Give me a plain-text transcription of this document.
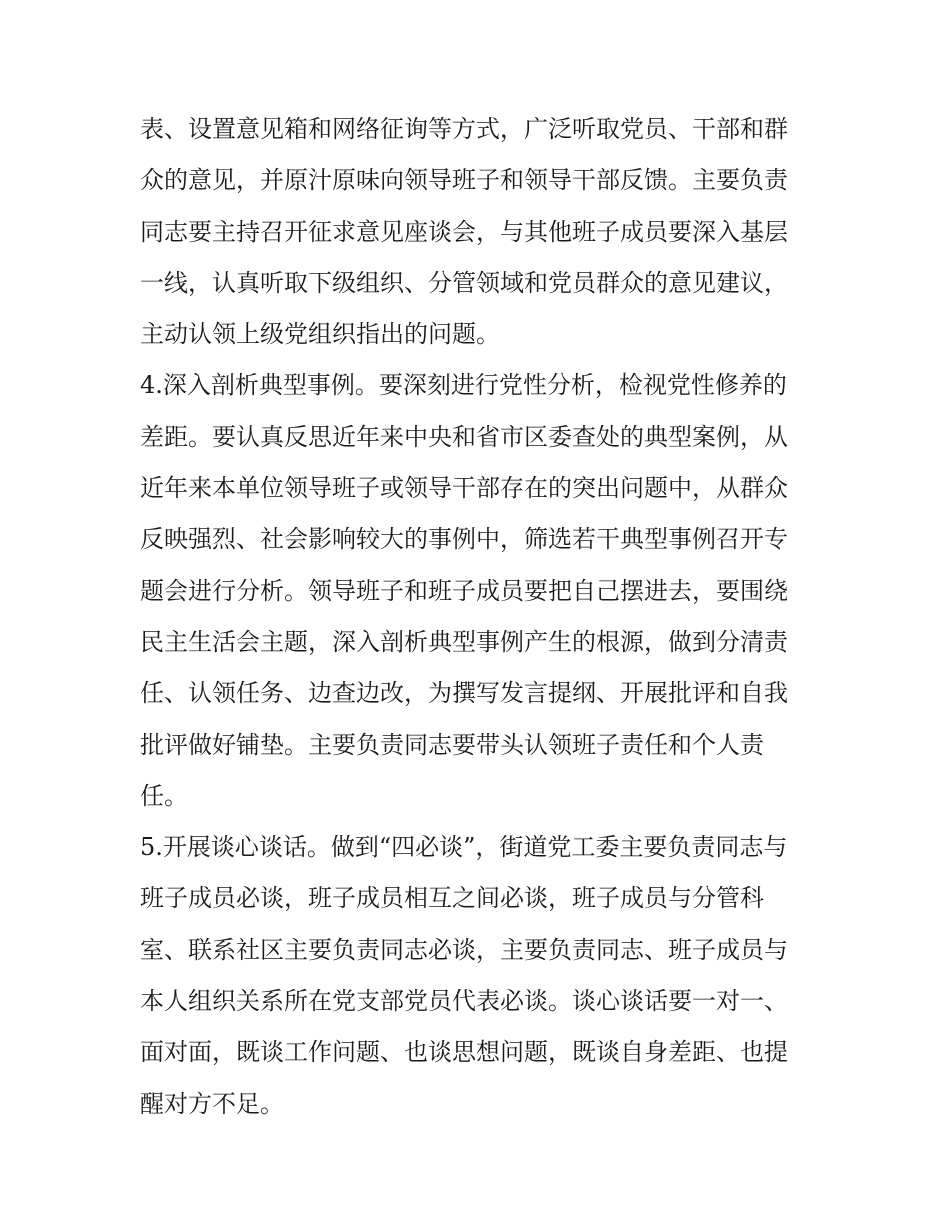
表、设置意见箱和网络征询等方式，广泛听取党员、干部和群
众的意见，并原汁原味向领导班子和领导干部反馈。主要负责
同志要主持召开征求意见座谈会，与其他班子成员要深入基层
一线，认真听取下级组织、分管领域和党员群众的意见建议，
主动认领上级党组织指出的问题。
4.深入剖析典型事例。要深刻进行党性分析，检视党性修养的
差距。要认真反思近年来中央和省市区委查处的典型案例，从
近年来本单位领导班子或领导干部存在的突出问题中，从群众
反映强烈、社会影响较大的事例中，筛选若干典型事例召开专
题会进行分析。领导班子和班子成员要把自己摆进去，要围绕
民主生活会主题，深入剖析典型事例产生的根源，做到分清责
任、认领任务、边查边改，为撰写发言提纲、开展批评和自我
批评做好铺垫。主要负责同志要带头认领班子责任和个人责
任。
5.开展谈心谈话。做到“四必谈”，街道党工委主要负责同志与
班子成员必谈，班子成员相互之间必谈，班子成员与分管科
室、联系社区主要负责同志必谈，主要负责同志、班子成员与
本人组织关系所在党支部党员代表必谈。谈心谈话要一对一、
面对面，既谈工作问题、也谈思想问题，既谈自身差距、也提
醒对方不足。
